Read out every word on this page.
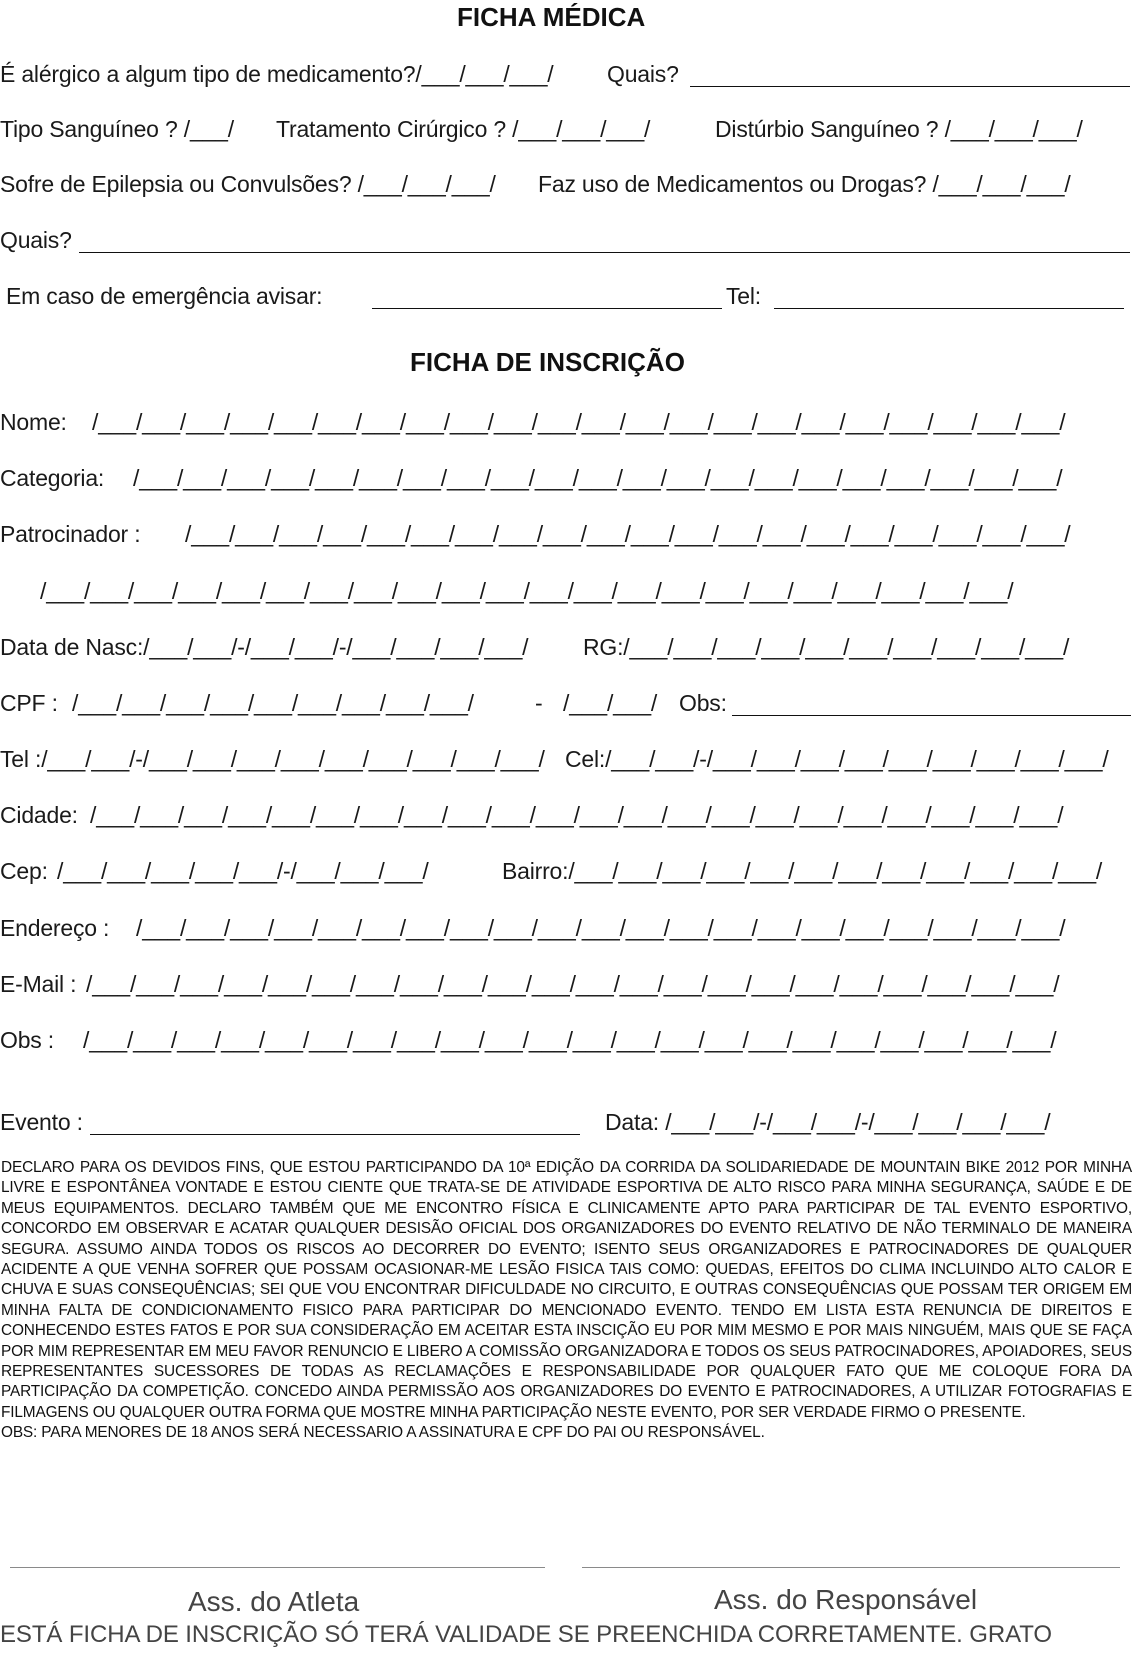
FICHA MÉDICA
É alérgico a algum tipo de medicamento?/___/___/___/ Quais?
Tipo Sanguíneo ? /___/ Tratamento Cirúrgico ? /___/___/___/	Distúrbio Sanguíneo ? /___/___/___/
Sofre de Epilepsia ou Convulsões? /___/___/___/ Faz uso de Medicamentos ou Drogas? /___/___/___/
Quais?
Em caso de emergência avisar:	Tel:
FICHA DE INSCRIÇÃO
Nome: /___/___/___/___/___/___/___/___/___/___/___/___/___/___/___/___/___/___/___/___/___/___/
Categoria: /___/___/___/___/___/___/___/___/___/___/___/___/___/___/___/___/___/___/___/___/___/
Patrocinador : /___/___/___/___/___/___/___/___/___/___/___/___/___/___/___/___/___/___/___/___/
/___/___/___/___/___/___/___/___/___/___/___/___/___/___/___/___/___/___/___/___/___/___/
Data de Nasc:/___/___/-/___/___/-/___/___/___/___/ RG:/___/___/___/___/___/___/___/___/___/___/
CPF : /___/___/___/___/___/___/___/___/___/	- /___/___/ Obs:
Tel :/___/___/-/___/___/___/___/___/___/___/___/___/ Cel:/___/___/-/___/___/___/___/___/___/___/___/___/
Cidade: /___/___/___/___/___/___/___/___/___/___/___/___/___/___/___/___/___/___/___/___/___/___/
Cep: /___/___/___/___/___/-/___/___/___/	Bairro:/___/___/___/___/___/___/___/___/___/___/___/___/
Endereço : /___/___/___/___/___/___/___/___/___/___/___/___/___/___/___/___/___/___/___/___/___/
E-Mail : /___/___/___/___/___/___/___/___/___/___/___/___/___/___/___/___/___/___/___/___/___/___/
Obs : /___/___/___/___/___/___/___/___/___/___/___/___/___/___/___/___/___/___/___/___/___/___/
Evento :	Data: /___/___/-/___/___/-/___/___/___/___/

DECLARO PARA OS DEVIDOS FINS, QUE ESTOU PARTICIPANDO DA 10ª EDIÇÃO DA CORRIDA DA SOLIDARIEDADE DE MOUNTAIN BIKE 2012 POR MINHA LIVRE E ESPONTÂNEA VONTADE E ESTOU CIENTE QUE TRATA-SE DE ATIVIDADE ESPORTIVA DE ALTO RISCO PARA MINHA SEGURANÇA, SAÚDE E DE MEUS EQUIPAMENTOS. DECLARO TAMBÉM QUE ME ENCONTRO FÍSICA E CLINICAMENTE APTO PARA PARTICIPAR DE TAL EVENTO ESPORTIVO, CONCORDO EM OBSERVAR E ACATAR QUALQUER DESISÃO OFICIAL DOS ORGANIZADORES DO EVENTO RELATIVO DE NÃO TERMINALO DE MANEIRA SEGURA. ASSUMO AINDA TODOS OS RISCOS AO DECORRER DO EVENTO; ISENTO SEUS ORGANIZADORES E PATROCINADORES DE QUALQUER ACIDENTE A QUE VENHA SOFRER QUE POSSAM OCASIONAR-ME LESÃO FISICA TAIS COMO: QUEDAS, EFEITOS DO CLIMA INCLUINDO ALTO CALOR E CHUVA E SUAS CONSEQUÊNCIAS; SEI QUE VOU ENCONTRAR DIFICULDADE NO CIRCUITO, E OUTRAS CONSEQUÊNCIAS QUE POSSAM TER ORIGEM EM MINHA FALTA DE CONDICIONAMENTO FISICO PARA PARTICIPAR DO MENCIONADO EVENTO. TENDO EM LISTA ESTA RENUNCIA DE DIREITOS E CONHECENDO ESTES FATOS E POR SUA CONSIDERAÇÃO EM ACEITAR ESTA INSCIÇÃO EU POR MIM MESMO E POR MAIS NINGUÉM, MAIS QUE SE FAÇA POR MIM REPRESENTAR EM MEU FAVOR RENUNCIO E LIBERO A COMISSÃO ORGANIZADORA E TODOS OS SEUS PATROCINADORES, APOIADORES, SEUS REPRESENTANTES SUCESSORES DE TODAS AS RECLAMAÇÕES E RESPONSABILIDADE POR QUALQUER FATO QUE ME COLOQUE FORA DA PARTICIPAÇÃO DA COMPETIÇÃO. CONCEDO AINDA PERMISSÃO AOS ORGANIZADORES DO EVENTO E PATROCINADORES, A UTILIZAR FOTOGRAFIAS E FILMAGENS OU QUALQUER OUTRA FORMA QUE MOSTRE MINHA PARTICIPAÇÃO NESTE EVENTO, POR SER VERDADE FIRMO O PRESENTE.

OBS: PARA MENORES DE 18 ANOS SERÁ NECESSARIO A ASSINATURA E CPF DO PAI OU RESPONSÁVEL.

Ass. do Atleta	Ass. do Responsável
ESTÁ FICHA DE INSCRIÇÃO SÓ TERÁ VALIDADE SE PREENCHIDA CORRETAMENTE. GRATO
